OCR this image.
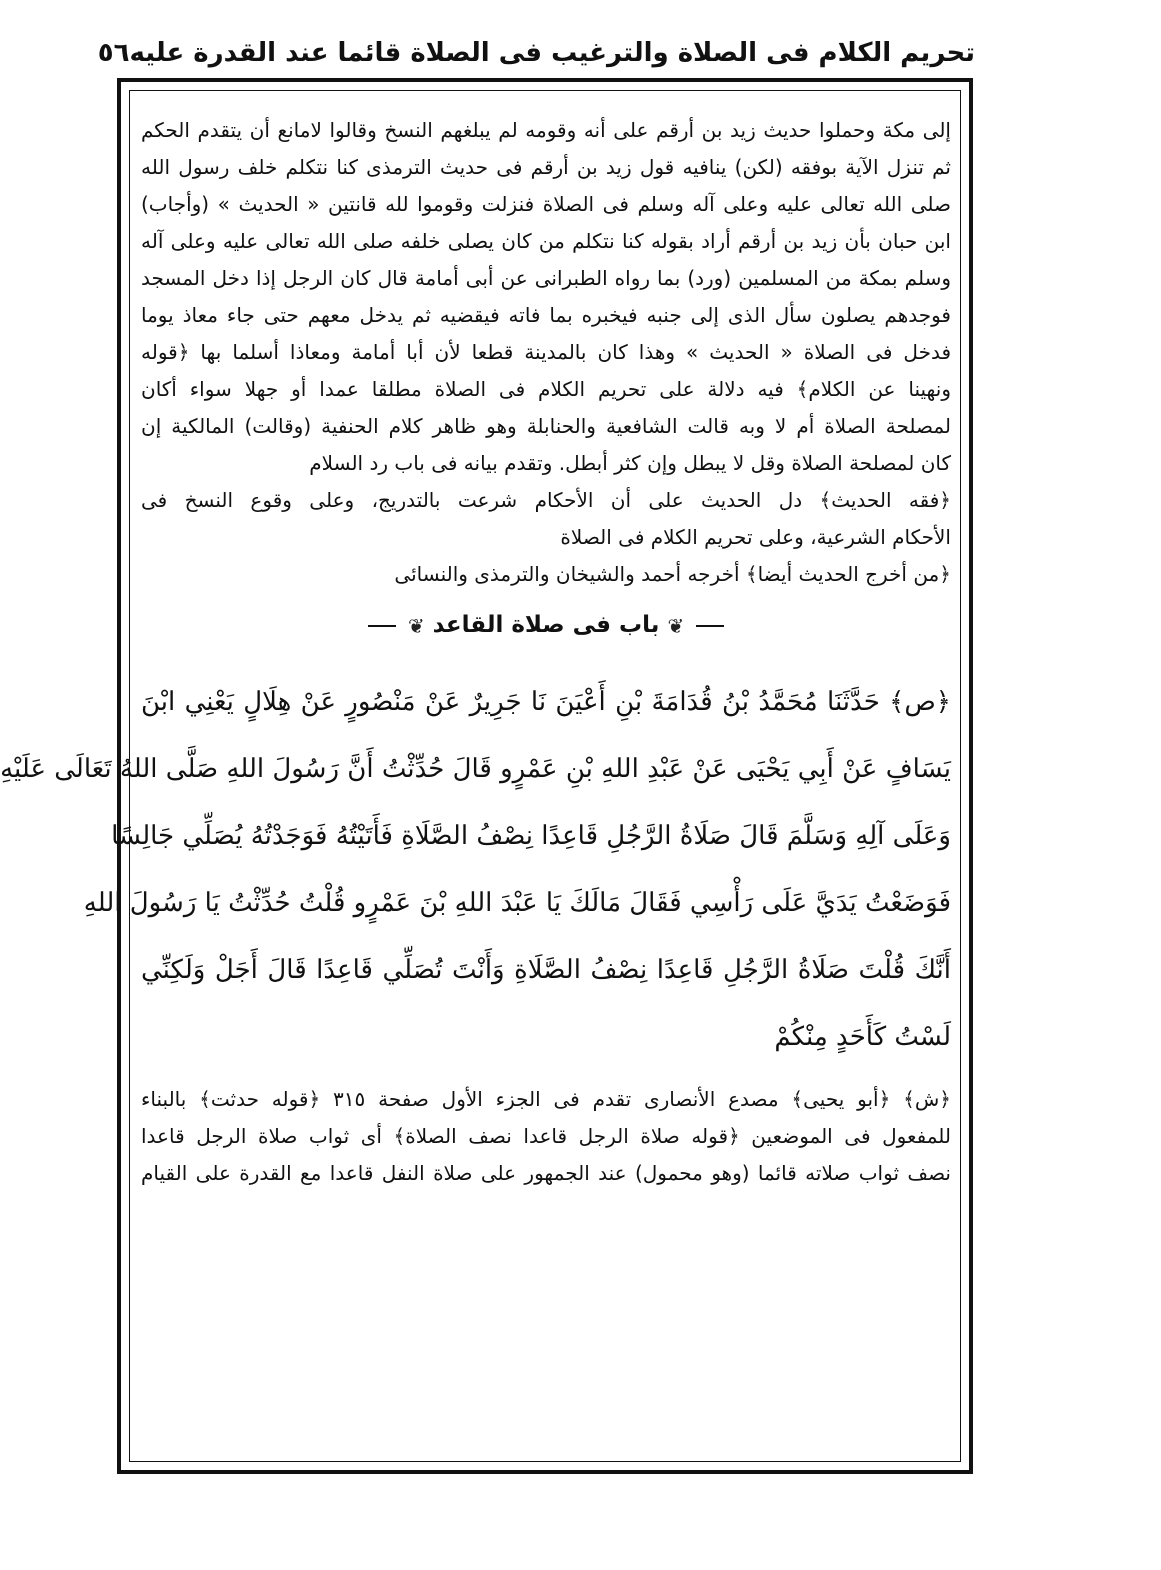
تحريم الكلام فى الصلاة والترغيب فى الصلاة قائما عند القدرة عليه
٥٦
إلى مكة وحملوا حديث زيد بن أرقم على أنه وقومه لم يبلغهم النسخ وقالوا لامانع أن يتقدم الحكم
ثم تنزل الآية بوفقه (لكن) ينافيه قول زيد بن أرقم فى حديث الترمذى كنا نتكلم خلف رسول الله
صلى الله تعالى عليه وعلى آله وسلم فى الصلاة فنزلت وقوموا لله قانتين « الحديث » (وأجاب)
ابن حبان بأن زيد بن أرقم أراد بقوله كنا نتكلم من كان يصلى خلفه صلى الله تعالى عليه وعلى آله
وسلم بمكة من المسلمين (ورد) بما رواه الطبرانى عن أبى أمامة قال كان الرجل إذا دخل المسجد
فوجدهم يصلون سأل الذى إلى جنبه فيخبره بما فاته فيقضيه ثم يدخل معهم حتى جاء معاذ يوما
فدخل فى الصلاة « الحديث » وهذا كان بالمدينة قطعا لأن أبا أمامة ومعاذا أسلما بها ﴿قوله
ونهينا عن الكلام﴾ فيه دلالة على تحريم الكلام فى الصلاة مطلقا عمدا أو جهلا سواء أكان
لمصلحة الصلاة أم لا وبه قالت الشافعية والحنابلة وهو ظاهر كلام الحنفية (وقالت) المالكية إن
كان لمصلحة الصلاة وقل لا يبطل وإن كثر أبطل. وتقدم بيانه فى باب رد السلام
﴿فقه الحديث﴾ دل الحديث على أن الأحكام شرعت بالتدريج، وعلى وقوع النسخ فى
الأحكام الشرعية، وعلى تحريم الكلام فى الصلاة
﴿من أخرج الحديث أيضا﴾ أخرجه أحمد والشيخان والترمذى والنسائى
❦ باب فى صلاة القاعد ❦
﴿ص﴾ حَدَّثَنَا مُحَمَّدُ بْنُ قُدَامَةَ بْنِ أَعْيَنَ نَا جَرِيرٌ عَنْ مَنْصُورٍ عَنْ هِلَالٍ يَعْنِي ابْنَ
يَسَافٍ عَنْ أَبِي يَحْيَى عَنْ عَبْدِ اللهِ بْنِ عَمْرٍو قَالَ حُدِّثْتُ أَنَّ رَسُولَ اللهِ صَلَّى اللهُ تَعَالَى عَلَيْهِ
وَعَلَى آلِهِ وَسَلَّمَ قَالَ صَلَاةُ الرَّجُلِ قَاعِدًا نِصْفُ الصَّلَاةِ فَأَتَيْتُهُ فَوَجَدْتُهُ يُصَلِّي جَالِسًا
فَوَضَعْتُ يَدَيَّ عَلَى رَأْسِي فَقَالَ مَالَكَ يَا عَبْدَ اللهِ بْنَ عَمْرٍو قُلْتُ حُدِّثْتُ يَا رَسُولَ اللهِ
أَنَّكَ قُلْتَ صَلَاةُ الرَّجُلِ قَاعِدًا نِصْفُ الصَّلَاةِ وَأَنْتَ تُصَلِّي قَاعِدًا قَالَ أَجَلْ وَلَكِنِّي
لَسْتُ كَأَحَدٍ مِنْكُمْ
﴿ش﴾ ﴿أبو يحيى﴾ مصدع الأنصارى تقدم فى الجزء الأول صفحة ٣١٥ ﴿قوله حدثت﴾ بالبناء
للمفعول فى الموضعين ﴿قوله صلاة الرجل قاعدا نصف الصلاة﴾ أى ثواب صلاة الرجل قاعدا
نصف ثواب صلاته قائما (وهو محمول) عند الجمهور على صلاة النفل قاعدا مع القدرة على القيام
